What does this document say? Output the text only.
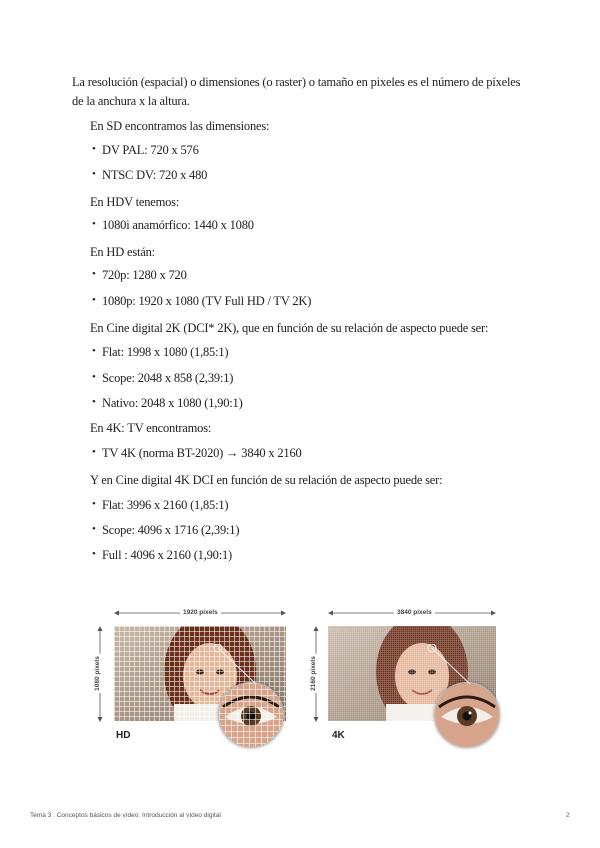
La resolución (espacial) o dimensiones (o raster) o tamaño en pixeles es el número de píxeles
de la anchura x la altura.
En SD encontramos las dimensiones:
• DV PAL: 720 x 576
• NTSC DV: 720 x 480
En HDV tenemos:
• 1080i anamórfico: 1440 x 1080
En HD están:
• 720p: 1280 x 720
• 1080p: 1920 x 1080 (TV Full HD / TV 2K)
En Cine digital 2K (DCI* 2K), que en función de su relación de aspecto puede ser:
• Flat: 1998 x 1080 (1,85:1)
• Scope: 2048 x 858 (2,39:1)
• Nativo: 2048 x 1080 (1,90:1)
En 4K: TV encontramos:
• TV 4K (norma BT-2020) → 3840 x 2160
Y en Cine digital 4K DCI en función de su relación de aspecto puede ser:
• Flat: 3996 x 2160 (1,85:1)
• Scope: 4096 x 1716 (2,39:1)
• Full : 4096 x 2160 (1,90:1)
1920 pixels
1080 pixels
HD
3840 pixels
2160 pixels
4K
Tema 3 . Conceptos básicos de vídeo: Introducción al vídeo digital	2
